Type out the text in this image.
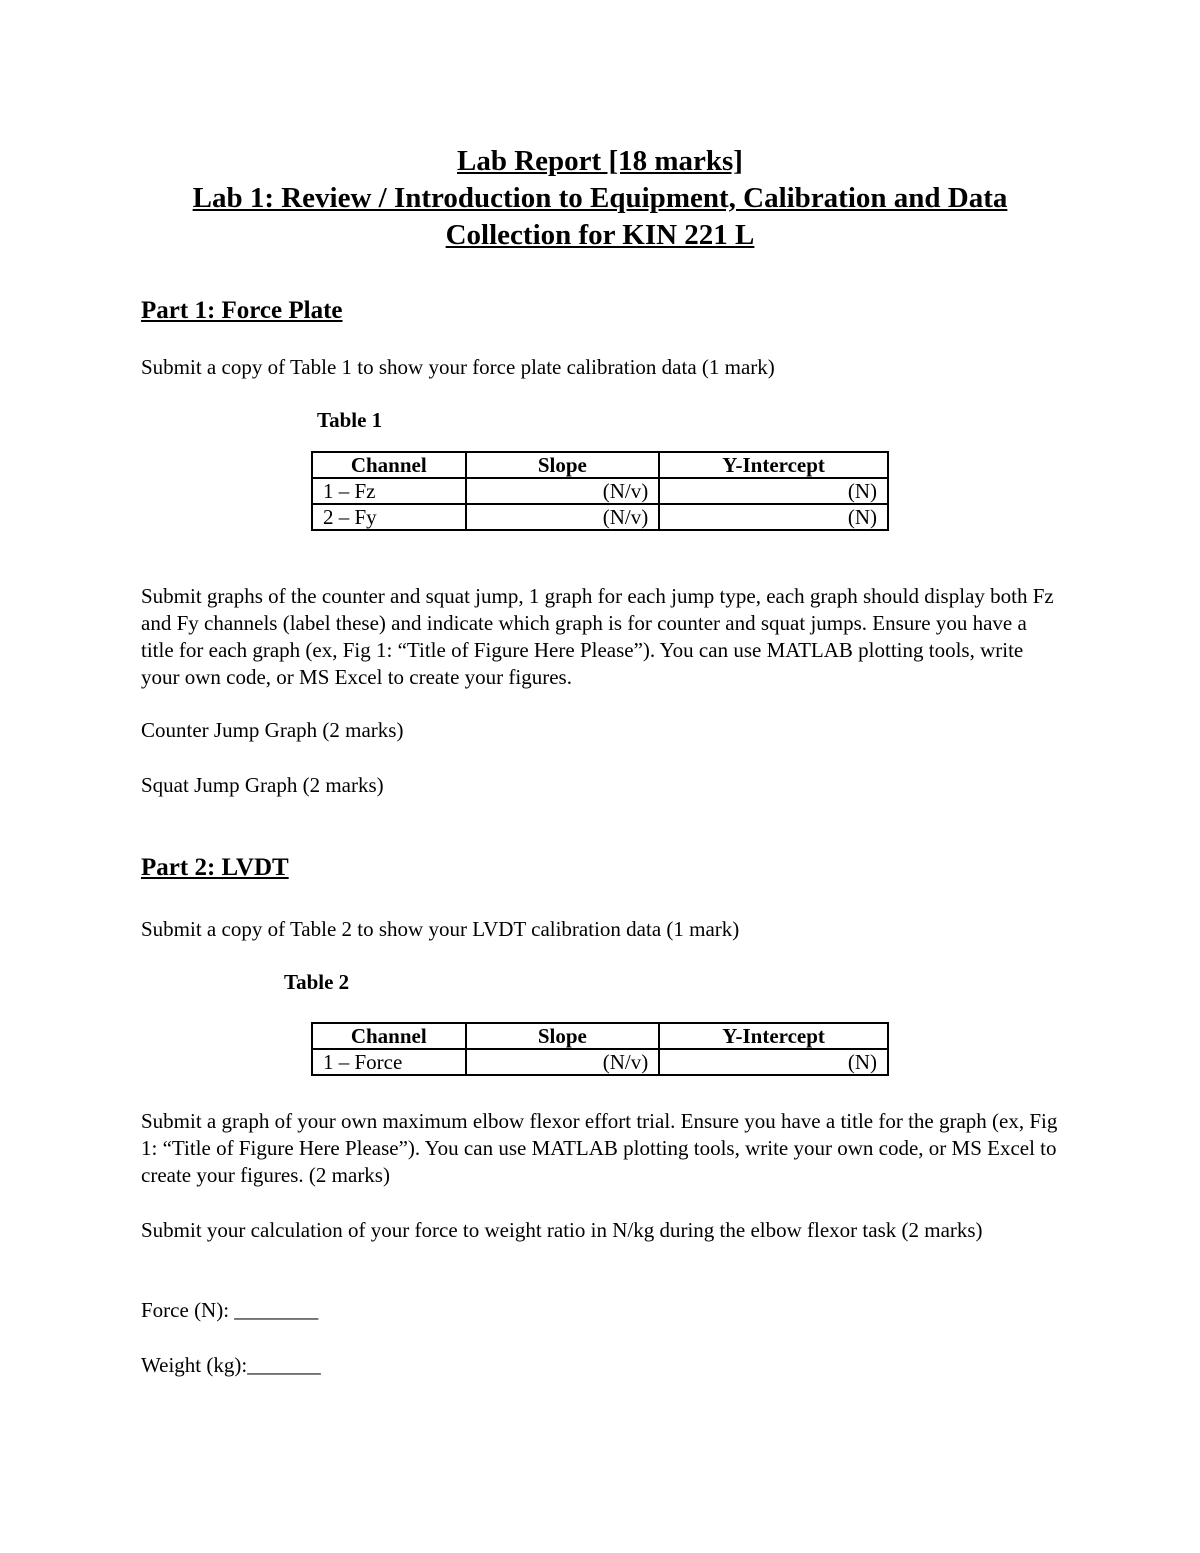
Lab Report [18 marks]
Lab 1: Review / Introduction to Equipment, Calibration and Data
Collection for KIN 221 L
Part 1: Force Plate
Submit a copy of Table 1 to show your force plate calibration data (1 mark)
Table 1
Channel	Slope	Y-Intercept
1 – Fz	(N/v)	(N)
2 – Fy	(N/v)	(N)
Submit graphs of the counter and squat jump, 1 graph for each jump type, each graph should display both Fz and Fy channels (label these) and indicate which graph is for counter and squat jumps. Ensure you have a title for each graph (ex, Fig 1: “Title of Figure Here Please”). You can use MATLAB plotting tools, write your own code, or MS Excel to create your figures.
Counter Jump Graph (2 marks)
Squat Jump Graph (2 marks)
Part 2: LVDT
Submit a copy of Table 2 to show your LVDT calibration data (1 mark)
Table 2
Channel	Slope	Y-Intercept
1 – Force	(N/v)	(N)
Submit a graph of your own maximum elbow flexor effort trial. Ensure you have a title for the graph (ex, Fig 1: “Title of Figure Here Please”). You can use MATLAB plotting tools, write your own code, or MS Excel to create your figures. (2 marks)
Submit your calculation of your force to weight ratio in N/kg during the elbow flexor task (2 marks)
Force (N): ________
Weight (kg):_______
